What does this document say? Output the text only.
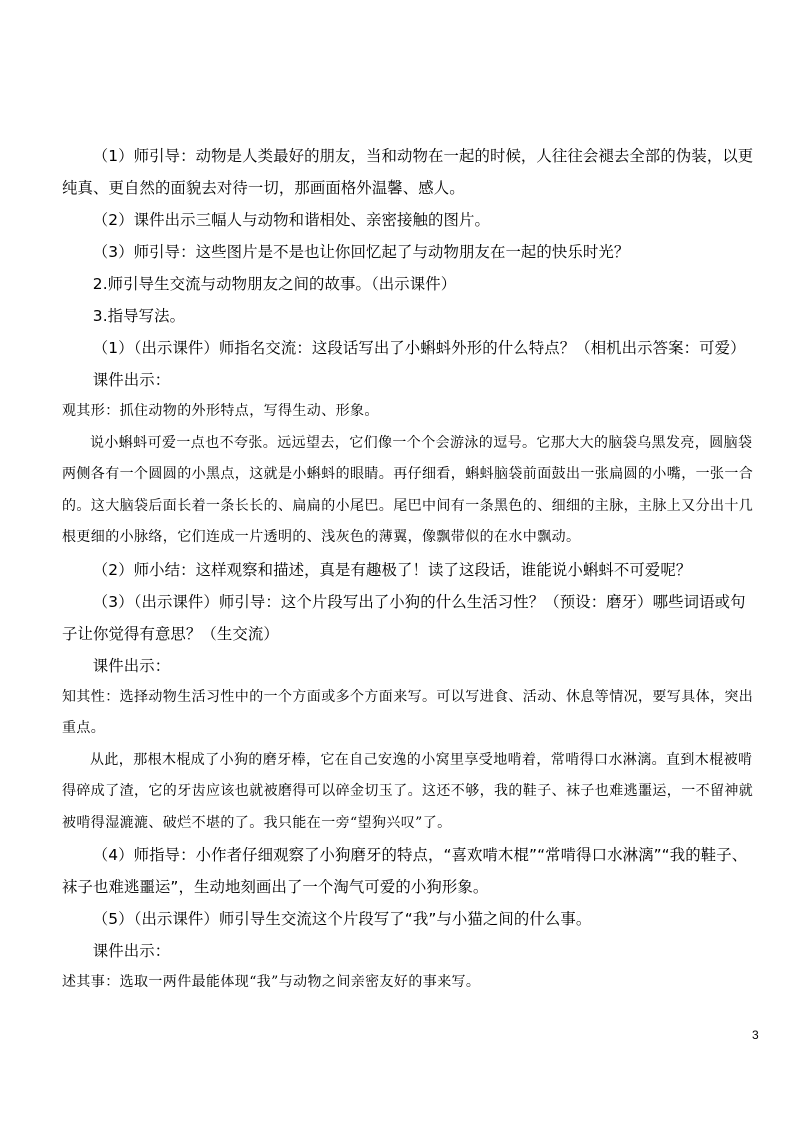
（1）师引导：动物是人类最好的朋友，当和动物在一起的时候，人往往会褪去全部的伪装，以更纯真、更自然的面貌去对待一切，那画面格外温馨、感人。

（2）课件出示三幅人与动物和谐相处、亲密接触的图片。

（3）师引导：这些图片是不是也让你回忆起了与动物朋友在一起的快乐时光？

2.师引导生交流与动物朋友之间的故事。（出示课件）

3.指导写法。

（1）（出示课件）师指名交流：这段话写出了小蝌蚪外形的什么特点？（相机出示答案：可爱）

课件出示：

观其形：抓住动物的外形特点，写得生动、形象。

说小蝌蚪可爱一点也不夸张。远远望去，它们像一个个会游泳的逗号。它那大大的脑袋乌黑发亮，圆脑袋两侧各有一个圆圆的小黑点，这就是小蝌蚪的眼睛。再仔细看，蝌蚪脑袋前面鼓出一张扁圆的小嘴，一张一合的。这大脑袋后面长着一条长长的、扁扁的小尾巴。尾巴中间有一条黑色的、细细的主脉，主脉上又分出十几根更细的小脉络，它们连成一片透明的、浅灰色的薄翼，像飘带似的在水中飘动。

（2）师小结：这样观察和描述，真是有趣极了！读了这段话，谁能说小蝌蚪不可爱呢？

（3）（出示课件）师引导：这个片段写出了小狗的什么生活习性？（预设：磨牙）哪些词语或句子让你觉得有意思？（生交流）

课件出示：

知其性：选择动物生活习性中的一个方面或多个方面来写。可以写进食、活动、休息等情况，要写具体，突出重点。

从此，那根木棍成了小狗的磨牙棒，它在自己安逸的小窝里享受地啃着，常啃得口水淋漓。直到木棍被啃得碎成了渣，它的牙齿应该也就被磨得可以碎金切玉了。这还不够，我的鞋子、袜子也难逃噩运，一不留神就被啃得湿漉漉、破烂不堪的了。我只能在一旁“望狗兴叹”了。

（4）师指导：小作者仔细观察了小狗磨牙的特点，“喜欢啃木棍”“常啃得口水淋漓”“我的鞋子、袜子也难逃噩运”，生动地刻画出了一个淘气可爱的小狗形象。

（5）（出示课件）师引导生交流这个片段写了“我”与小猫之间的什么事。

课件出示：

述其事：选取一两件最能体现“我”与动物之间亲密友好的事来写。

3
